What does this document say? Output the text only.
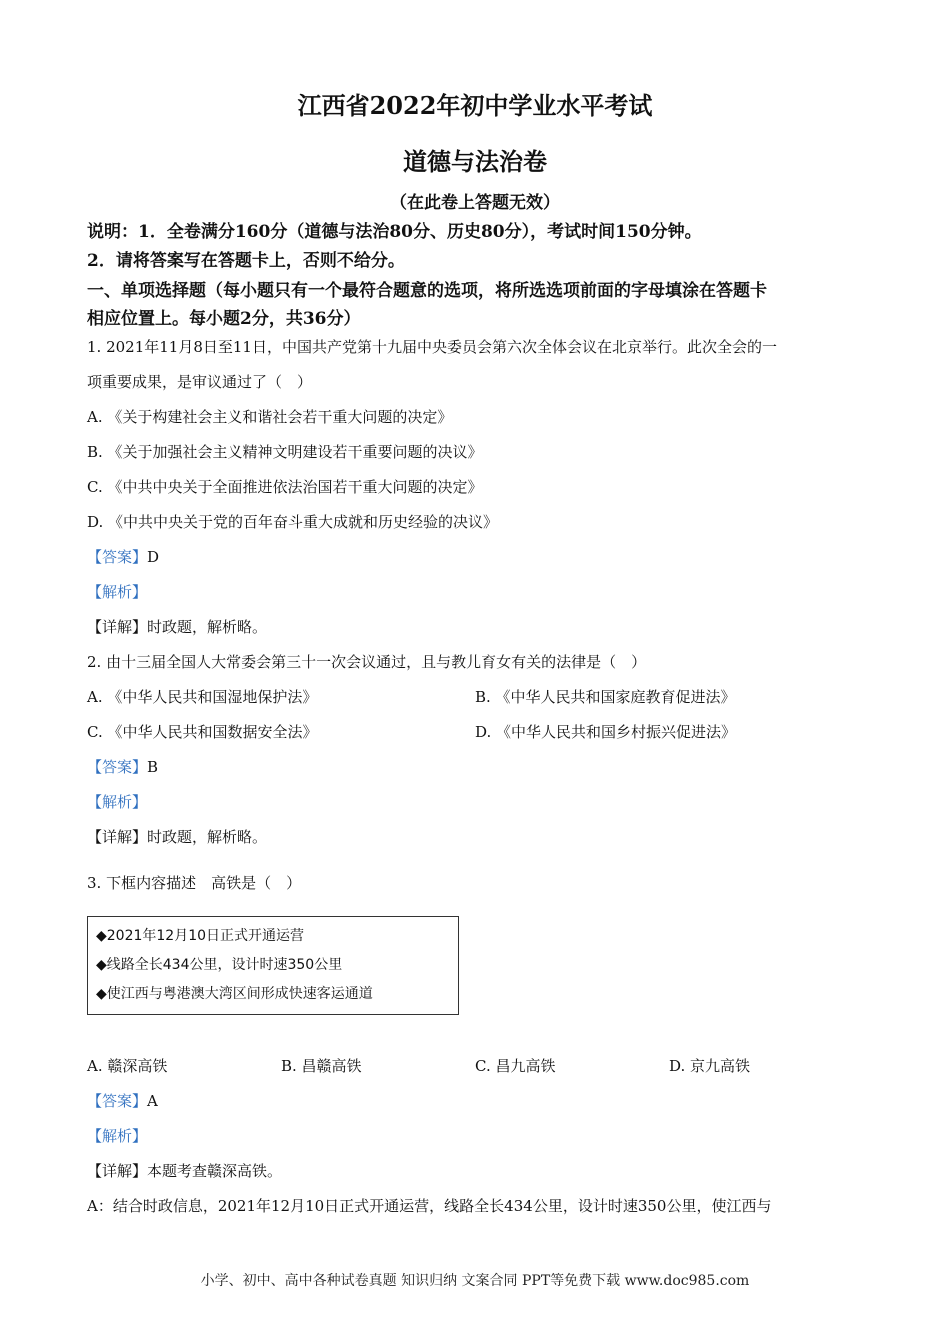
江西省2022年初中学业水平考试
道德与法治卷
（在此卷上答题无效）
说明：1．全卷满分160分（道德与法治80分、历史80分），考试时间150分钟。
2．请将答案写在答题卡上，否则不给分。
一、单项选择题（每小题只有一个最符合题意的选项，将所选选项前面的字母填涂在答题卡
相应位置上。每小题2分，共36分）
1. 2021年11月8日至11日，中国共产党第十九届中央委员会第六次全体会议在北京举行。此次全会的一
项重要成果，是审议通过了（　）
A. 《关于构建社会主义和谐社会若干重大问题的决定》
B. 《关于加强社会主义精神文明建设若干重要问题的决议》
C. 《中共中央关于全面推进依法治国若干重大问题的决定》
D. 《中共中央关于党的百年奋斗重大成就和历史经验的决议》
【答案】D
【解析】
【详解】时政题，解析略。
2. 由十三届全国人大常委会第三十一次会议通过，且与教儿育女有关的法律是（　）
A. 《中华人民共和国湿地保护法》	B. 《中华人民共和国家庭教育促进法》
C. 《中华人民共和国数据安全法》	D. 《中华人民共和国乡村振兴促进法》
【答案】B
【解析】
【详解】时政题，解析略。
3. 下框内容描述　高铁是（　）
◆2021年12月10日正式开通运营
◆线路全长434公里，设计时速350公里
◆使江西与粤港澳大湾区间形成快速客运通道
A. 赣深高铁	B. 昌赣高铁	C. 昌九高铁	D. 京九高铁
【答案】A
【解析】
【详解】本题考查赣深高铁。
A：结合时政信息，2021年12月10日正式开通运营，线路全长434公里，设计时速350公里，使江西与
小学、初中、高中各种试卷真题 知识归纳 文案合同 PPT等免费下载 www.doc985.com
